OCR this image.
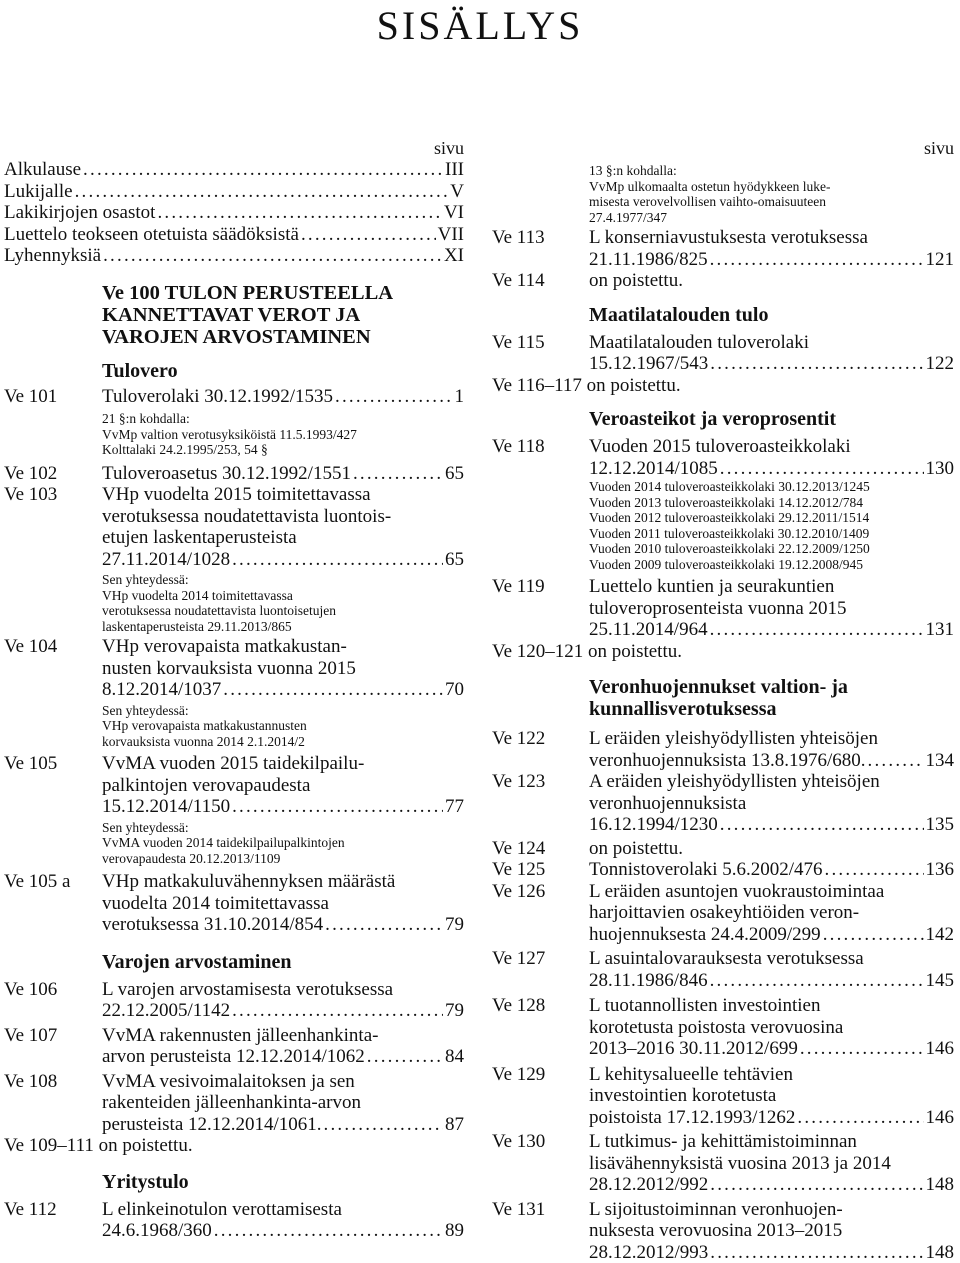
SISÄLLYS
sivu
Alkulause .....	III
Lukijalle .....	V
Lakikirjojen osastot .....	VI
Luettelo teokseen otetuista säädöksistä .....	VII
Lyhennyksiä .....	XI
Ve 100 TULON PERUSTEELLA
KANNETTAVAT VEROT JA
VAROJEN ARVOSTAMINEN
Tulovero
Ve 101	Tuloverolaki 30.12.1992/1535 .....	1
21 §:n kohdalla:
VvMp valtion verotusyksiköistä 11.5.1993/427
Kolttalaki 24.2.1995/253, 54 §
Ve 102	Tuloveroasetus 30.12.1992/1551 .....	65
Ve 103	VHp vuodelta 2015 toimitettavassa
verotuksessa noudatettavista luontois-
etujen laskentaperusteista
27.11.2014/1028 .....	65
Sen yhteydessä:
VHp vuodelta 2014 toimitettavassa
verotuksessa noudatettavista luontoisetujen
laskentaperusteista 29.11.2013/865
Ve 104	VHp verovapaista matkakustan-
nusten korvauksista vuonna 2015
8.12.2014/1037 .....	70
Sen yhteydessä:
VHp verovapaista matkakustannusten
korvauksista vuonna 2014 2.1.2014/2
Ve 105	VvMA vuoden 2015 taidekilpailu-
palkintojen verovapaudesta
15.12.2014/1150 .....	77
Sen yhteydessä:
VvMA vuoden 2014 taidekilpailupalkintojen
verovapaudesta 20.12.2013/1109
Ve 105 a	VHp matkakuluvähennyksen määrästä
vuodelta 2014 toimitettavassa
verotuksessa 31.10.2014/854 .....	79
Varojen arvostaminen
Ve 106	L varojen arvostamisesta verotuksessa
22.12.2005/1142 .....	79
Ve 107	VvMA rakennusten jälleenhankinta-
arvon perusteista 12.12.2014/1062 .....	84
Ve 108	VvMA vesivoimalaitoksen ja sen
rakenteiden jälleenhankinta-arvon
perusteista 12.12.2014/1061. .....	87
Ve 109–111 on poistettu.
Yritystulo
Ve 112	L elinkeinotulon verottamisesta
24.6.1968/360 .....	89
sivu
13 §:n kohdalla:
VvMp ulkomaalta ostetun hyödykkeen luke-
misesta verovelvollisen vaihto-omaisuuteen
27.4.1977/347
Ve 113	L konserniavustuksesta verotuksessa
21.11.1986/825 .....	121
Ve 114	on poistettu.
Maatilatalouden tulo
Ve 115	Maatilatalouden tuloverolaki
15.12.1967/543 .....	122
Ve 116–117 on poistettu.
Veroasteikot ja veroprosentit
Ve 118	Vuoden 2015 tuloveroasteikkolaki
12.12.2014/1085 .....	130
Vuoden 2014 tuloveroasteikkolaki 30.12.2013/1245
Vuoden 2013 tuloveroasteikkolaki 14.12.2012/784
Vuoden 2012 tuloveroasteikkolaki 29.12.2011/1514
Vuoden 2011 tuloveroasteikkolaki 30.12.2010/1409
Vuoden 2010 tuloveroasteikkolaki 22.12.2009/1250
Vuoden 2009 tuloveroasteikkolaki 19.12.2008/945
Ve 119	Luettelo kuntien ja seurakuntien
tuloveroprosenteista vuonna 2015
25.11.2014/964 .....	131
Ve 120–121 on poistettu.
Veronhuojennukset valtion- ja
kunnallisverotuksessa
Ve 122	L eräiden yleishyödyllisten yhteisöjen
veronhuojennuksista 13.8.1976/680. .....	134
Ve 123	A eräiden yleishyödyllisten yhteisöjen
veronhuojennuksista
16.12.1994/1230 .....	135
Ve 124	on poistettu.
Ve 125	Tonnistoverolaki 5.6.2002/476 .....	136
Ve 126	L eräiden asuntojen vuokraustoimintaa
harjoittavien osakeyhtiöiden veron-
huojennuksesta 24.4.2009/299 .....	142
Ve 127	L asuintalovarauksesta verotuksessa
28.11.1986/846 .....	145
Ve 128	L tuotannollisten investointien
korotetusta poistosta verovuosina
2013–2016 30.11.2012/699 .....	146
Ve 129	L kehitysalueelle tehtävien
investointien korotetusta
poistoista 17.12.1993/1262 .....	146
Ve 130	L tutkimus- ja kehittämistoiminnan
lisävähennyksistä vuosina 2013 ja 2014
28.12.2012/992 .....	148
Ve 131	L sijoitustoiminnan veronhuojen-
nuksesta verovuosina 2013–2015
28.12.2012/993 .....	148
